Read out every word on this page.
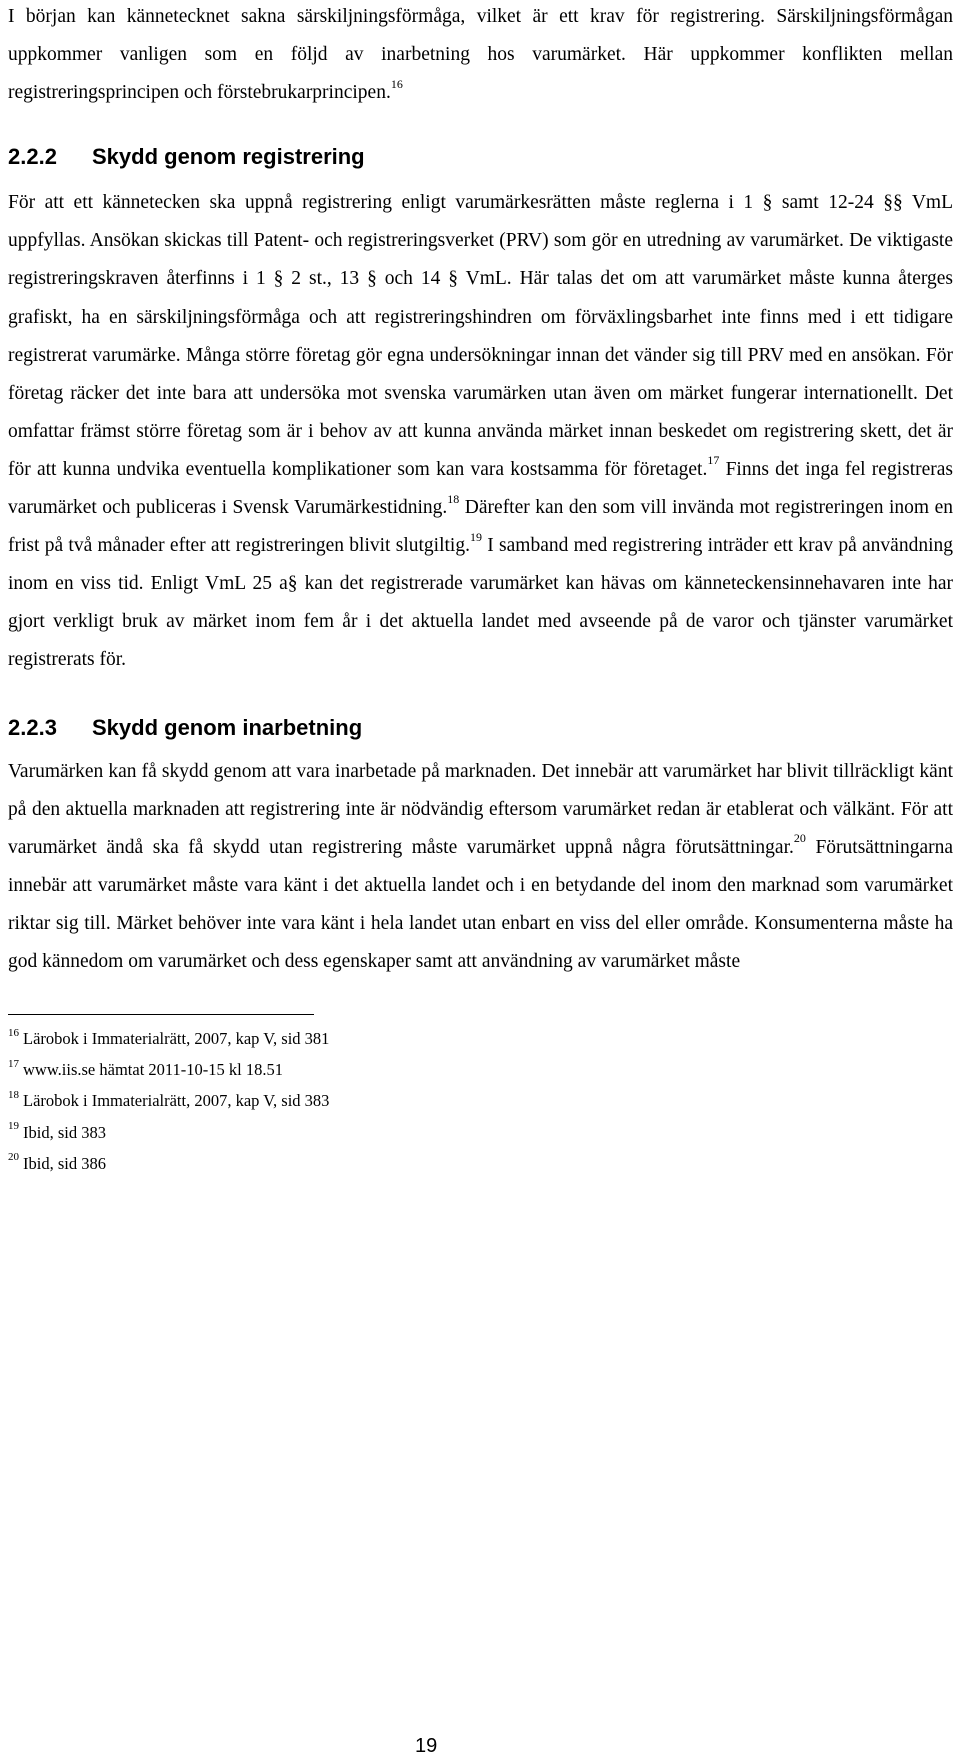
I början kan kännetecknet sakna särskiljningsförmåga, vilket är ett krav för registrering. Särskiljningsförmågan uppkommer vanligen som en följd av inarbetning hos varumärket. Här uppkommer konflikten mellan registreringsprincipen och förstebrukarprincipen.$^{16}$

2.2.2 Skydd genom registrering

För att ett kännetecken ska uppnå registrering enligt varumärkesrätten måste reglerna i 1 § samt 12-24 §§ VmL uppfyllas. Ansökan skickas till Patent- och registreringsverket (PRV) som gör en utredning av varumärket. De viktigaste registreringskraven återfinns i 1 § 2 st., 13 § och 14 § VmL. Här talas det om att varumärket måste kunna återges grafiskt, ha en särskiljningsförmåga och att registreringshindren om förväxlingsbarhet inte finns med i ett tidigare registrerat varumärke. Många större företag gör egna undersökningar innan det vänder sig till PRV med en ansökan. För företag räcker det inte bara att undersöka mot svenska varumärken utan även om märket fungerar internationellt. Det omfattar främst större företag som är i behov av att kunna använda märket innan beskedet om registrering skett, det är för att kunna undvika eventuella komplikationer som kan vara kostsamma för företaget.$^{17}$ Finns det inga fel registreras varumärket och publiceras i Svensk Varumärkestidning.$^{18}$ Därefter kan den som vill invända mot registreringen inom en frist på två månader efter att registreringen blivit slutgiltig.$^{19}$ I samband med registrering inträder ett krav på användning inom en viss tid. Enligt VmL 25 a§ kan det registrerade varumärket kan hävas om känneteckensinnehavaren inte har gjort verkligt bruk av märket inom fem år i det aktuella landet med avseende på de varor och tjänster varumärket registrerats för.

2.2.3 Skydd genom inarbetning

Varumärken kan få skydd genom att vara inarbetade på marknaden. Det innebär att varumärket har blivit tillräckligt känt på den aktuella marknaden att registrering inte är nödvändig eftersom varumärket redan är etablerat och välkänt. För att varumärket ändå ska få skydd utan registrering måste varumärket uppnå några förutsättningar.$^{20}$ Förutsättningarna innebär att varumärket måste vara känt i det aktuella landet och i en betydande del inom den marknad som varumärket riktar sig till. Märket behöver inte vara känt i hela landet utan enbart en viss del eller område. Konsumenterna måste ha god kännedom om varumärket och dess egenskaper samt att användning av varumärket måste

$^{16}$ Lärobok i Immaterialrätt, 2007, kap V, sid 381

$^{17}$ www.iis.se hämtat 2011-10-15 kl 18.51

$^{18}$ Lärobok i Immaterialrätt, 2007, kap V, sid 383

$^{19}$ Ibid, sid 383

$^{20}$ Ibid, sid 386

19
